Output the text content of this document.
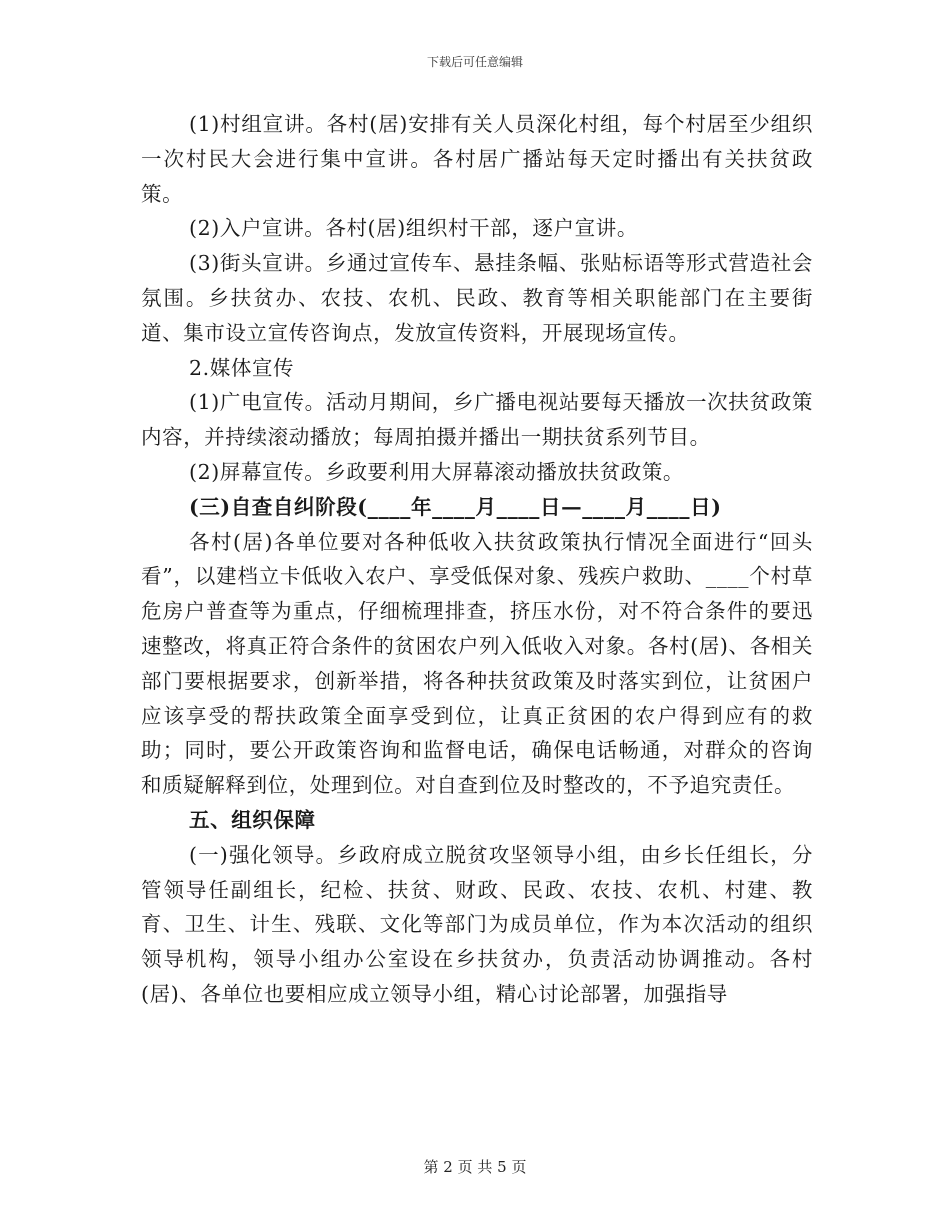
下载后可任意编辑

(1)村组宣讲。各村(居)安排有关人员深化村组，每个村居至少组织一次村民大会进行集中宣讲。各村居广播站每天定时播出有关扶贫政策。

(2)入户宣讲。各村(居)组织村干部，逐户宣讲。

(3)街头宣讲。乡通过宣传车、悬挂条幅、张贴标语等形式营造社会氛围。乡扶贫办、农技、农机、民政、教育等相关职能部门在主要街道、集市设立宣传咨询点，发放宣传资料，开展现场宣传。

2.媒体宣传

(1)广电宣传。活动月期间，乡广播电视站要每天播放一次扶贫政策内容，并持续滚动播放；每周拍摄并播出一期扶贫系列节目。

(2)屏幕宣传。乡政要利用大屏幕滚动播放扶贫政策。

(三)自查自纠阶段(____年____月____日—____月____日)

各村(居)各单位要对各种低收入扶贫政策执行情况全面进行“回头看”，以建档立卡低收入农户、享受低保对象、残疾户救助、____个村草危房户普查等为重点，仔细梳理排查，挤压水份，对不符合条件的要迅速整改，将真正符合条件的贫困农户列入低收入对象。各村(居)、各相关部门要根据要求，创新举措，将各种扶贫政策及时落实到位，让贫困户应该享受的帮扶政策全面享受到位，让真正贫困的农户得到应有的救助；同时，要公开政策咨询和监督电话，确保电话畅通，对群众的咨询和质疑解释到位，处理到位。对自查到位及时整改的，不予追究责任。

五、组织保障

(一)强化领导。乡政府成立脱贫攻坚领导小组，由乡长任组长，分管领导任副组长，纪检、扶贫、财政、民政、农技、农机、村建、教育、卫生、计生、残联、文化等部门为成员单位，作为本次活动的组织领导机构，领导小组办公室设在乡扶贫办，负责活动协调推动。各村(居)、各单位也要相应成立领导小组，精心讨论部署，加强指导

第 2 页 共 5 页
